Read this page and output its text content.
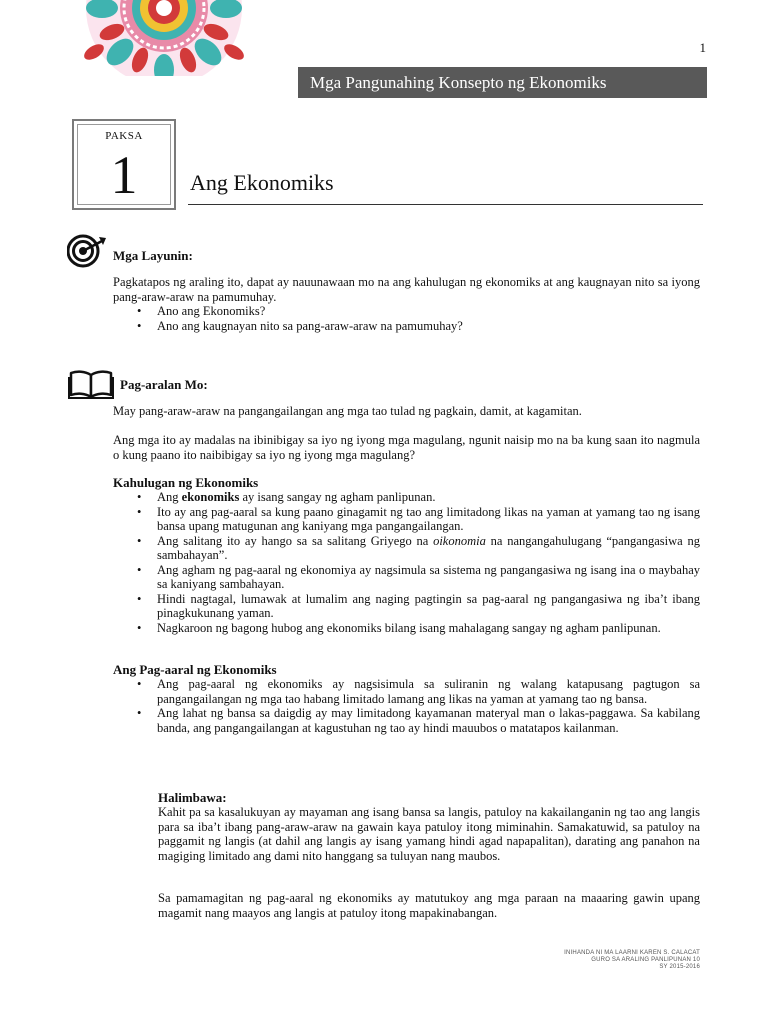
1
Mga Pangunahing Konsepto ng Ekonomiks
PAKSA
1	Ang Ekonomiks
Mga Layunin:
Pagkatapos ng araling ito, dapat ay nauunawaan mo na ang kahulugan ng ekonomiks at ang kaugnayan nito sa iyong pang-araw-araw na pamumuhay.
• Ano ang Ekonomiks?
• Ano ang kaugnayan nito sa pang-araw-araw na pamumuhay?
Pag-aralan Mo:
May pang-araw-araw na pangangailangan ang mga tao tulad ng pagkain, damit, at kagamitan.
Ang mga ito ay madalas na ibinibigay sa iyo ng iyong mga magulang, ngunit naisip mo na ba kung saan ito nagmula o kung paano ito naibibigay sa iyo ng iyong mga magulang?
Kahulugan ng Ekonomiks
• Ang ekonomiks ay isang sangay ng agham panlipunan.
• Ito ay ang pag-aaral sa kung paano ginagamit ng tao ang limitadong likas na yaman at yamang tao ng isang bansa upang matugunan ang kaniyang mga pangangailangan.
• Ang salitang ito ay hango sa sa salitang Griyego na oikonomia na nangangahulugang “pangangasiwa ng sambahayan”.
• Ang agham ng pag-aaral ng ekonomiya ay nagsimula sa sistema ng pangangasiwa ng isang ina o maybahay sa kaniyang sambahayan.
• Hindi nagtagal, lumawak at lumalim ang naging pagtingin sa pag-aaral ng pangangasiwa ng iba’t ibang pinagkukunang yaman.
• Nagkaroon ng bagong hubog ang ekonomiks bilang isang mahalagang sangay ng agham panlipunan.
Ang Pag-aaral ng Ekonomiks
• Ang pag-aaral ng ekonomiks ay nagsisimula sa suliranin ng walang katapusang pagtugon sa pangangailangan ng mga tao habang limitado lamang ang likas na yaman at yamang tao ng bansa.
• Ang lahat ng bansa sa daigdig ay may limitadong kayamanan materyal man o lakas-paggawa. Sa kabilang banda, ang pangangailangan at kagustuhan ng tao ay hindi mauubos o matatapos kailanman.
Halimbawa:
Kahit pa sa kasalukuyan ay mayaman ang isang bansa sa langis, patuloy na kakailanganin ng tao ang langis para sa iba’t ibang pang-araw-araw na gawain kaya patuloy itong miminahin. Samakatuwid, sa patuloy na paggamit ng langis (at dahil ang langis ay isang yamang hindi agad napapalitan), darating ang panahon na magiging limitado ang dami nito hanggang sa tuluyan nang maubos.
Sa pamamagitan ng pag-aaral ng ekonomiks ay matutukoy ang mga paraan na maaaring gawin upang magamit nang maayos ang langis at patuloy itong mapakinabangan.
INIHANDA NI MA LAARNI KAREN S. CALACAT
GURO SA ARALING PANLIPUNAN 10
SY 2015-2016
